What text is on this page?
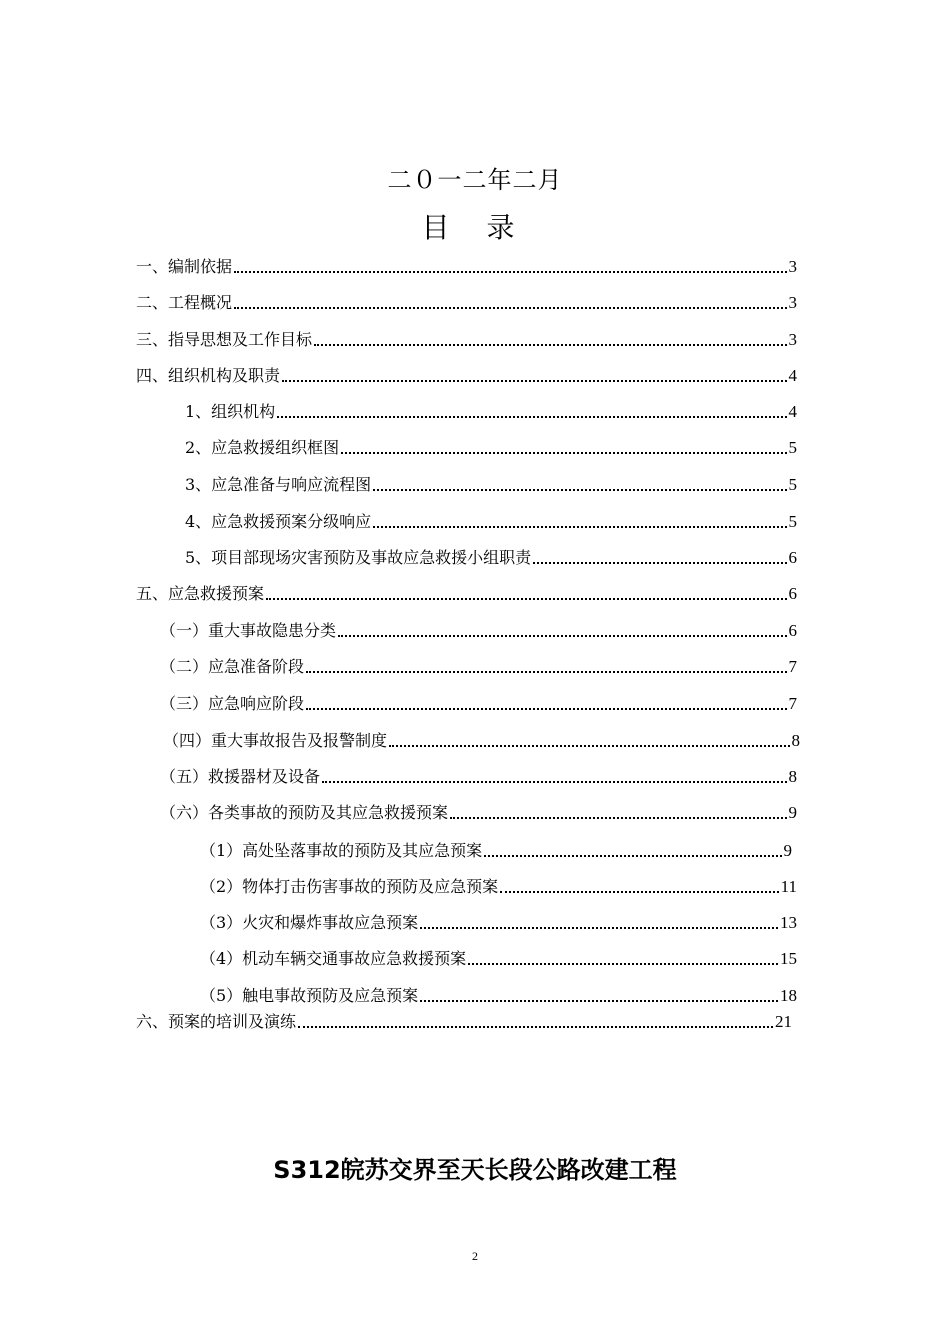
二０一二年二月
目 录
一、编制依据	3
二、工程概况	3
三、指导思想及工作目标	3
四、组织机构及职责	4
1、组织机构	4
2、应急救援组织框图	5
3、应急准备与响应流程图	5
4、应急救援预案分级响应	5
5、项目部现场灾害预防及事故应急救援小组职责	6
五、应急救援预案	6
（一）重大事故隐患分类	6
（二）应急准备阶段	7
（三）应急响应阶段	7
（四）重大事故报告及报警制度	8
（五）救援器材及设备	8
（六）各类事故的预防及其应急救援预案	9
（1）高处坠落事故的预防及其应急预案	9
（2）物体打击伤害事故的预防及应急预案	11
（3）火灾和爆炸事故应急预案	13
（4）机动车辆交通事故应急救援预案	15
（5）触电事故预防及应急预案	18
六、预案的培训及演练	21
S312皖苏交界至天长段公路改建工程
2
